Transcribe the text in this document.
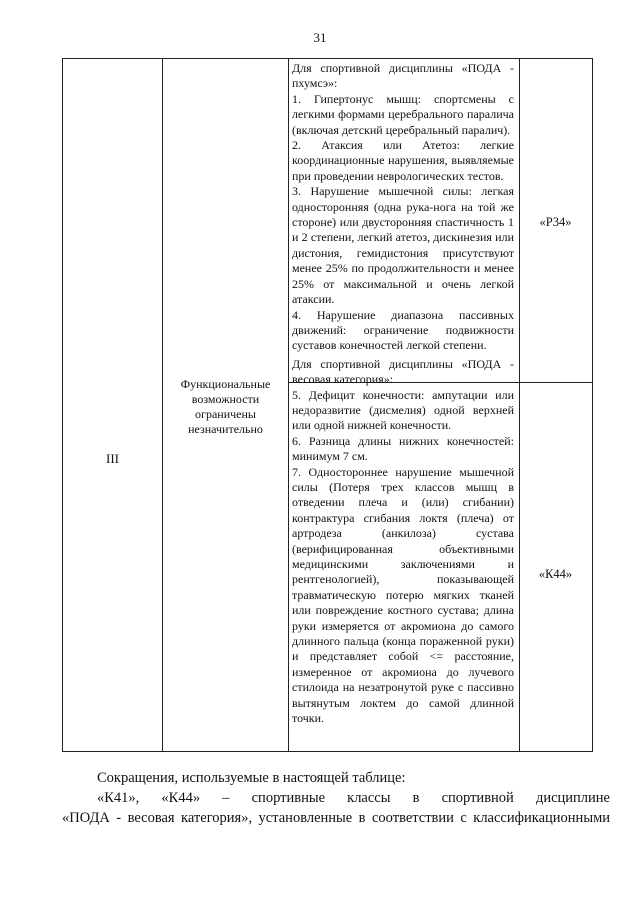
31
III
Функциональные возможности ограничены незначительно

Для спортивной дисциплины «ПОДА - пхумсэ»:

1. Гипертонус мышц: спортсмены с легкими формами церебрального паралича (включая детский церебральный паралич).

2. Атаксия или Атетоз: легкие координационные нарушения, выявляемые при проведении неврологических тестов.

3. Нарушение мышечной силы: легкая односторонняя (одна рука-нога на той же стороне) или двусторонняя спастичность 1 и 2 степени, легкий атетоз, дискинезия или дистония, гемидистония присутствуют менее 25% по продолжительности и менее 25% от максимальной и очень легкой атаксии.

4. Нарушение диапазона пассивных движений: ограничение подвижности суставов конечностей легкой степени.

Для спортивной дисциплины «ПОДА - весовая категория»:

5. Дефицит конечности: ампутации или недоразвитие (дисмелия) одной верхней или одной нижней конечности.

6. Разница длины нижних конечностей: минимум 7 см.

7. Одностороннее нарушение мышечной силы (Потеря трех классов мышц в отведении плеча и (или) сгибании) контрактура сгибания локтя (плеча) от артродеза (анкилоза) сустава (верифицированная объективными медицинскими заключениями и рентгенологией), показывающей травматическую потерю мягких тканей или повреждение костного сустава; длина руки измеряется от акромиона до самого длинного пальца (конца пораженной руки) и представляет собой <= расстояние, измеренное от акромиона до лучевого стилоида на незатронутой руке с пассивно вытянутым локтем до самой длинной точки.

«Р34»
«К44»
Сокращения, используемые в настоящей таблице:
«К41», «К44» – спортивные классы в спортивной дисциплине
«ПОДА - весовая категория», установленные в соответствии с классификационными
